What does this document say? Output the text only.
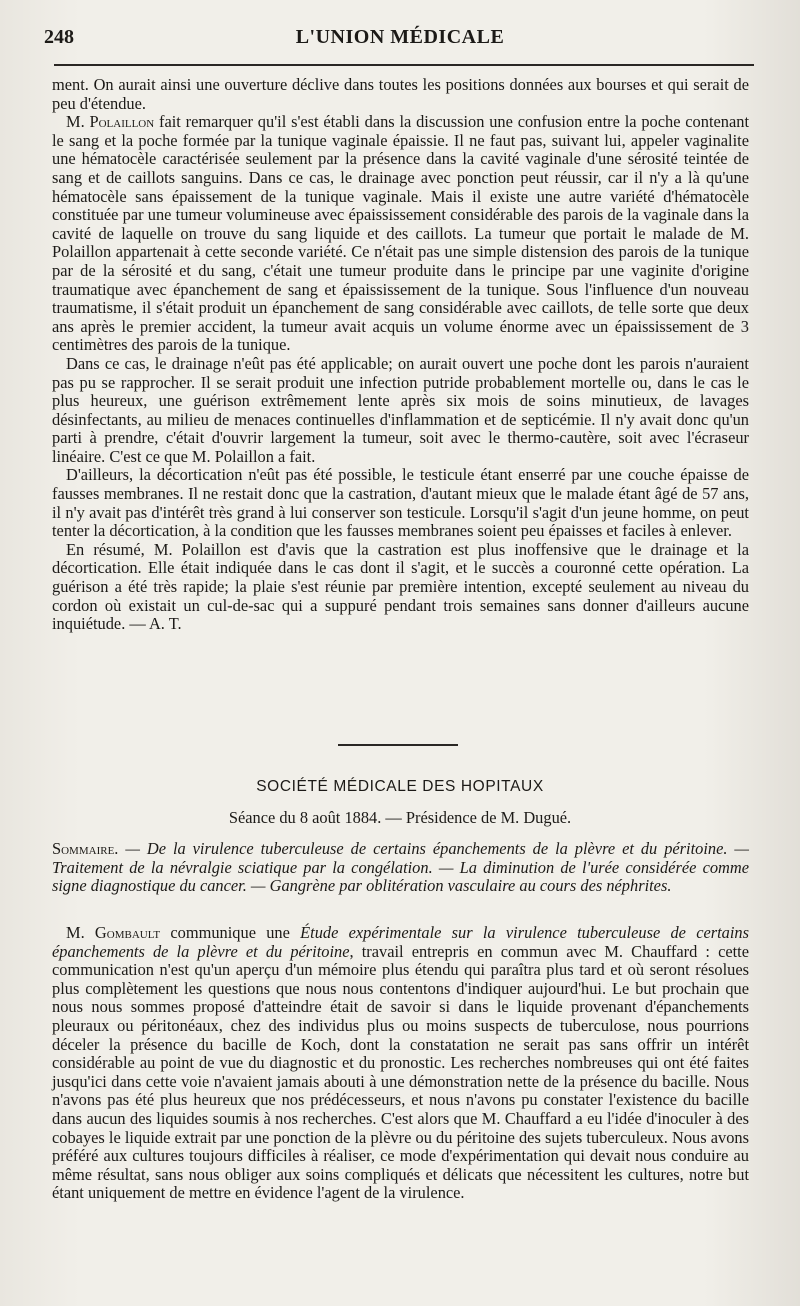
248	L'UNION MÉDICALE

ment. On aurait ainsi une ouverture déclive dans toutes les positions données aux bourses et qui serait de peu d'étendue.

M. Polaillon fait remarquer qu'il s'est établi dans la discussion une confusion entre la poche contenant le sang et la poche formée par la tunique vaginale épaissie. Il ne faut pas, suivant lui, appeler vaginalite une hématocèle caractérisée seulement par la présence dans la cavité vaginale d'une sérosité teintée de sang et de caillots sanguins. Dans ce cas, le drainage avec ponction peut réussir, car il n'y a là qu'une hématocèle sans épaissement de la tunique vaginale. Mais il existe une autre variété d'hématocèle constituée par une tumeur volumineuse avec épaississement considérable des parois de la vaginale dans la cavité de laquelle on trouve du sang liquide et des caillots. La tumeur que portait le malade de M. Polaillon appartenait à cette seconde variété. Ce n'était pas une simple distension des parois de la tunique par de la sérosité et du sang, c'était une tumeur produite dans le principe par une vaginite d'origine traumatique avec épanchement de sang et épaississement de la tunique. Sous l'influence d'un nouveau traumatisme, il s'était produit un épanchement de sang considérable avec caillots, de telle sorte que deux ans après le premier accident, la tumeur avait acquis un volume énorme avec un épaississement de 3 centimètres des parois de la tunique.

Dans ce cas, le drainage n'eût pas été applicable; on aurait ouvert une poche dont les parois n'auraient pas pu se rapprocher. Il se serait produit une infection putride probablement mortelle ou, dans le cas le plus heureux, une guérison extrêmement lente après six mois de soins minutieux, de lavages désinfectants, au milieu de menaces continuelles d'inflammation et de septicémie. Il n'y avait donc qu'un parti à prendre, c'était d'ouvrir largement la tumeur, soit avec le thermo-cautère, soit avec l'écraseur linéaire. C'est ce que M. Polaillon a fait.

D'ailleurs, la décortication n'eût pas été possible, le testicule étant enserré par une couche épaisse de fausses membranes. Il ne restait donc que la castration, d'autant mieux que le malade étant âgé de 57 ans, il n'y avait pas d'intérêt très grand à lui conserver son testicule. Lorsqu'il s'agit d'un jeune homme, on peut tenter la décortication, à la condition que les fausses membranes soient peu épaisses et faciles à enlever.

En résumé, M. Polaillon est d'avis que la castration est plus inoffensive que le drainage et la décortication. Elle était indiquée dans le cas dont il s'agit, et le succès a couronné cette opération. La guérison a été très rapide; la plaie s'est réunie par première intention, excepté seulement au niveau du cordon où existait un cul-de-sac qui a suppuré pendant trois semaines sans donner d'ailleurs aucune inquiétude. — A. T.

SOCIÉTÉ MÉDICALE DES HOPITAUX
Séance du 8 août 1884. — Présidence de M. Dugué.

Sommaire. — De la virulence tuberculeuse de certains épanchements de la plèvre et du péritoine. — Traitement de la névralgie sciatique par la congélation. — La diminution de l'urée considérée comme signe diagnostique du cancer. — Gangrène par oblitération vasculaire au cours des néphrites.

M. Gombault communique une Étude expérimentale sur la virulence tuberculeuse de certains épanchements de la plèvre et du péritoine, travail entrepris en commun avec M. Chauffard : cette communication n'est qu'un aperçu d'un mémoire plus étendu qui paraîtra plus tard et où seront résolues plus complètement les questions que nous nous contentons d'indiquer aujourd'hui. Le but prochain que nous nous sommes proposé d'atteindre était de savoir si dans le liquide provenant d'épanchements pleuraux ou péritonéaux, chez des individus plus ou moins suspects de tuberculose, nous pourrions déceler la présence du bacille de Koch, dont la constatation ne serait pas sans offrir un intérêt considérable au point de vue du diagnostic et du pronostic. Les recherches nombreuses qui ont été faites jusqu'ici dans cette voie n'avaient jamais abouti à une démonstration nette de la présence du bacille. Nous n'avons pas été plus heureux que nos prédécesseurs, et nous n'avons pu constater l'existence du bacille dans aucun des liquides soumis à nos recherches. C'est alors que M. Chauffard a eu l'idée d'inoculer à des cobayes le liquide extrait par une ponction de la plèvre ou du péritoine des sujets tuberculeux. Nous avons préféré aux cultures toujours difficiles à réaliser, ce mode d'expérimentation qui devait nous conduire au même résultat, sans nous obliger aux soins compliqués et délicats que nécessitent les cultures, notre but étant uniquement de mettre en évidence l'agent de la virulence.
